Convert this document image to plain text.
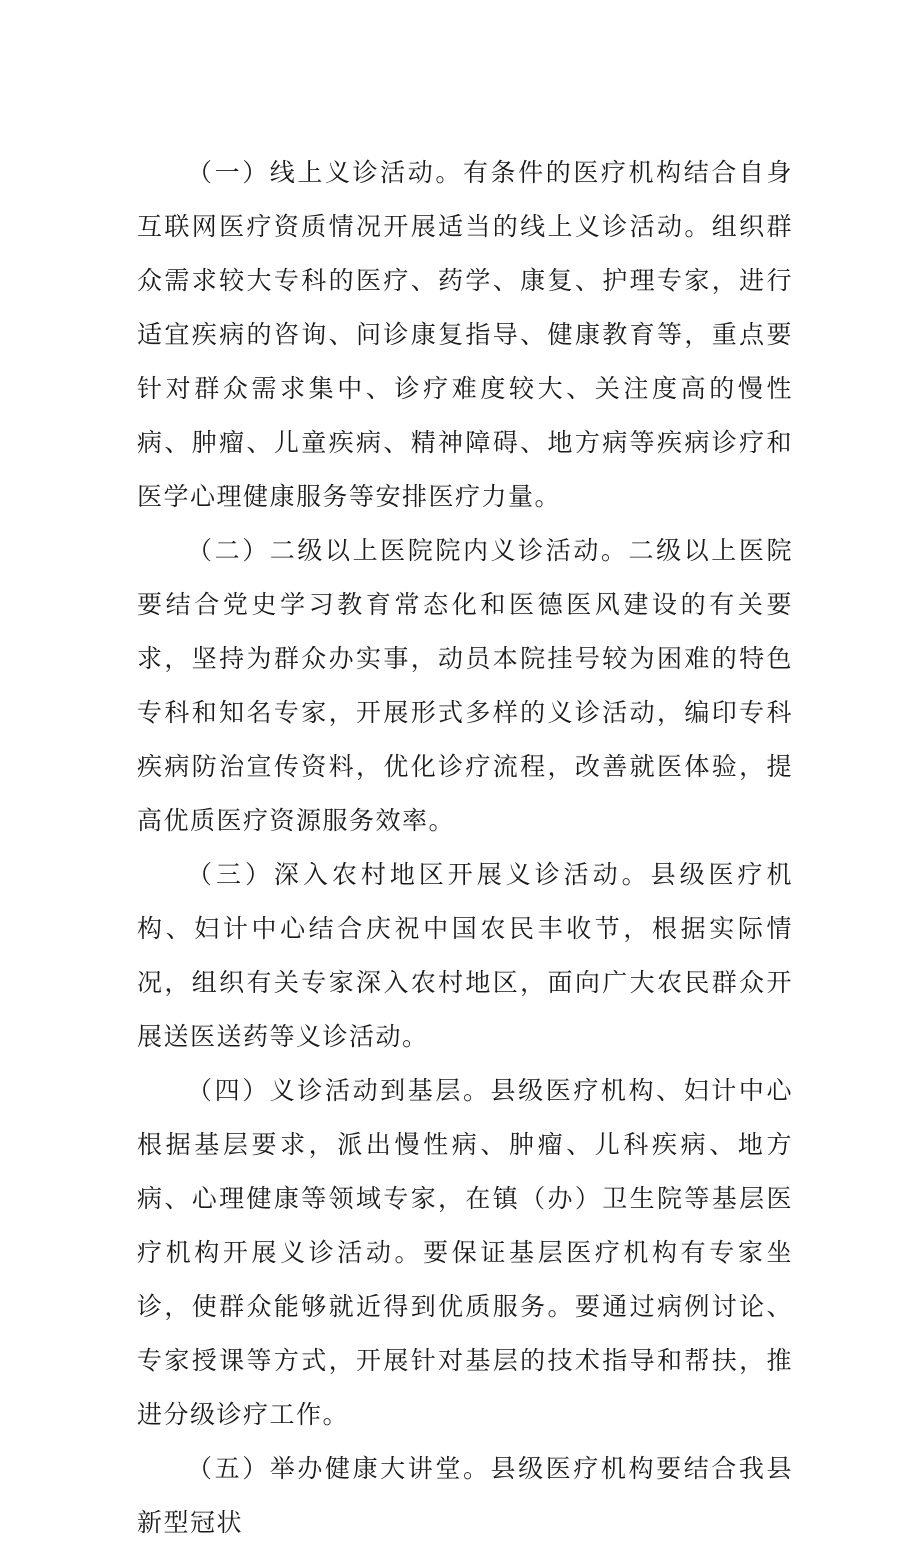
（一）线上义诊活动。有条件的医疗机构结合自身互联网医疗资质情况开展适当的线上义诊活动。组织群众需求较大专科的医疗、药学、康复、护理专家，进行适宜疾病的咨询、问诊康复指导、健康教育等，重点要针对群众需求集中、诊疗难度较大、关注度高的慢性病、肿瘤、儿童疾病、精神障碍、地方病等疾病诊疗和医学心理健康服务等安排医疗力量。

（二）二级以上医院院内义诊活动。二级以上医院要结合党史学习教育常态化和医德医风建设的有关要求，坚持为群众办实事，动员本院挂号较为困难的特色专科和知名专家，开展形式多样的义诊活动，编印专科疾病防治宣传资料，优化诊疗流程，改善就医体验，提高优质医疗资源服务效率。

（三）深入农村地区开展义诊活动。县级医疗机构、妇计中心结合庆祝中国农民丰收节，根据实际情况，组织有关专家深入农村地区，面向广大农民群众开展送医送药等义诊活动。

（四）义诊活动到基层。县级医疗机构、妇计中心根据基层要求，派出慢性病、肿瘤、儿科疾病、地方病、心理健康等领域专家，在镇（办）卫生院等基层医疗机构开展义诊活动。要保证基层医疗机构有专家坐诊，使群众能够就近得到优质服务。要通过病例讨论、专家授课等方式，开展针对基层的技术指导和帮扶，推进分级诊疗工作。

（五）举办健康大讲堂。县级医疗机构要结合我县新型冠状
